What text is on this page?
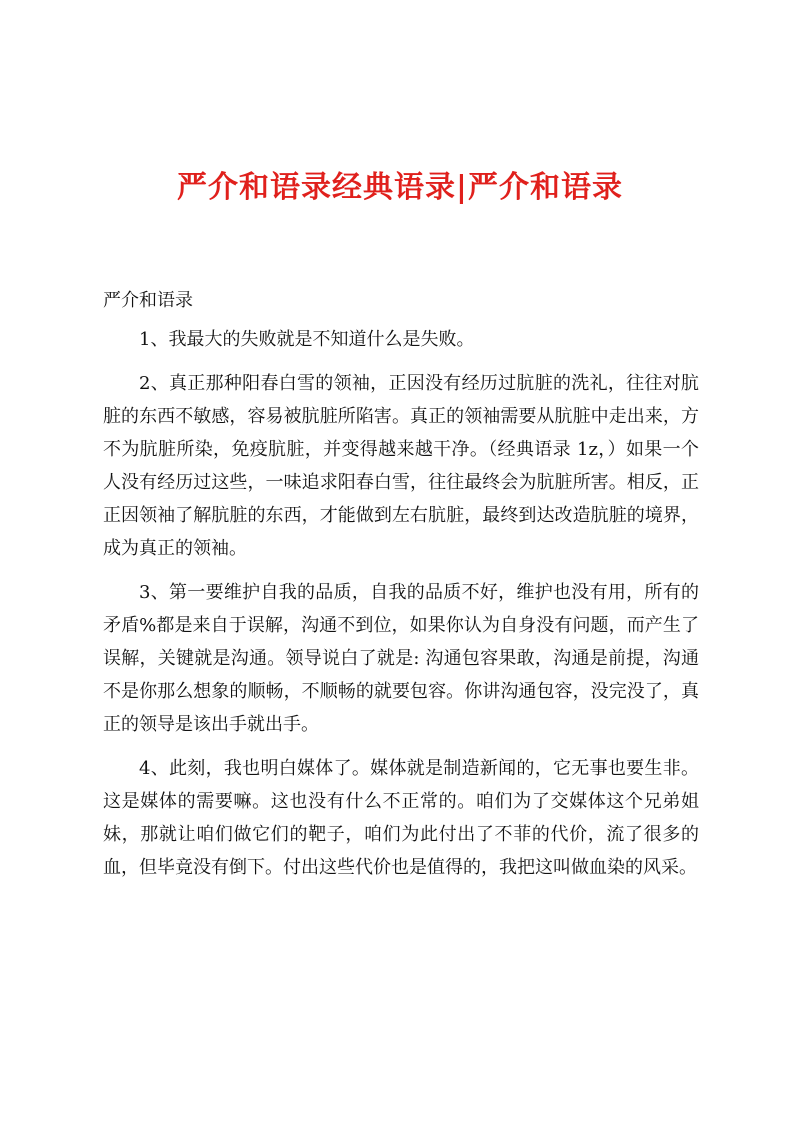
严介和语录经典语录|严介和语录

严介和语录

1、我最大的失败就是不知道什么是失败。

2、真正那种阳春白雪的领袖，正因没有经历过肮脏的洗礼，往往对肮脏的东西不敏感，容易被肮脏所陷害。真正的领袖需要从肮脏中走出来，方不为肮脏所染，免疫肮脏，并变得越来越干净。（经典语录 1z，）如果一个人没有经历过这些，一味追求阳春白雪，往往最终会为肮脏所害。相反，正正因领袖了解肮脏的东西，才能做到左右肮脏，最终到达改造肮脏的境界，成为真正的领袖。

3、第一要维护自我的品质，自我的品质不好，维护也没有用，所有的矛盾%都是来自于误解，沟通不到位，如果你认为自身没有问题，而产生了误解，关键就是沟通。领导说白了就是: 沟通包容果敢，沟通是前提，沟通不是你那么想象的顺畅，不顺畅的就要包容。你讲沟通包容，没完没了，真正的领导是该出手就出手。

4、此刻，我也明白媒体了。媒体就是制造新闻的，它无事也要生非。这是媒体的需要嘛。这也没有什么不正常的。咱们为了交媒体这个兄弟姐妹，那就让咱们做它们的靶子，咱们为此付出了不菲的代价，流了很多的血，但毕竟没有倒下。付出这些代价也是值得的，我把这叫做血染的风采。
